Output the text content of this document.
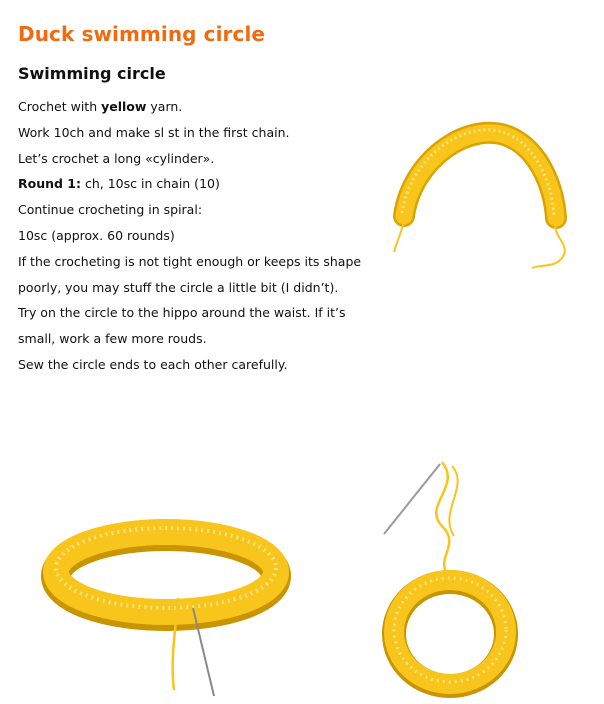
Duck swimming circle
Swimming circle

Crochet with yellow yarn.

Work 10ch and make sl st in the first chain.

Let’s crochet a long «cylinder».

Round 1: ch, 10sc in chain (10)

Continue crocheting in spiral:

10sc (approx. 60 rounds)

If the crocheting is not tight enough or keeps its shape poorly, you may stuff the circle a little bit (I didn’t).

Try on the circle to the hippo around the waist. If it’s small, work a few more rouds.

Sew the circle ends to each other carefully.
